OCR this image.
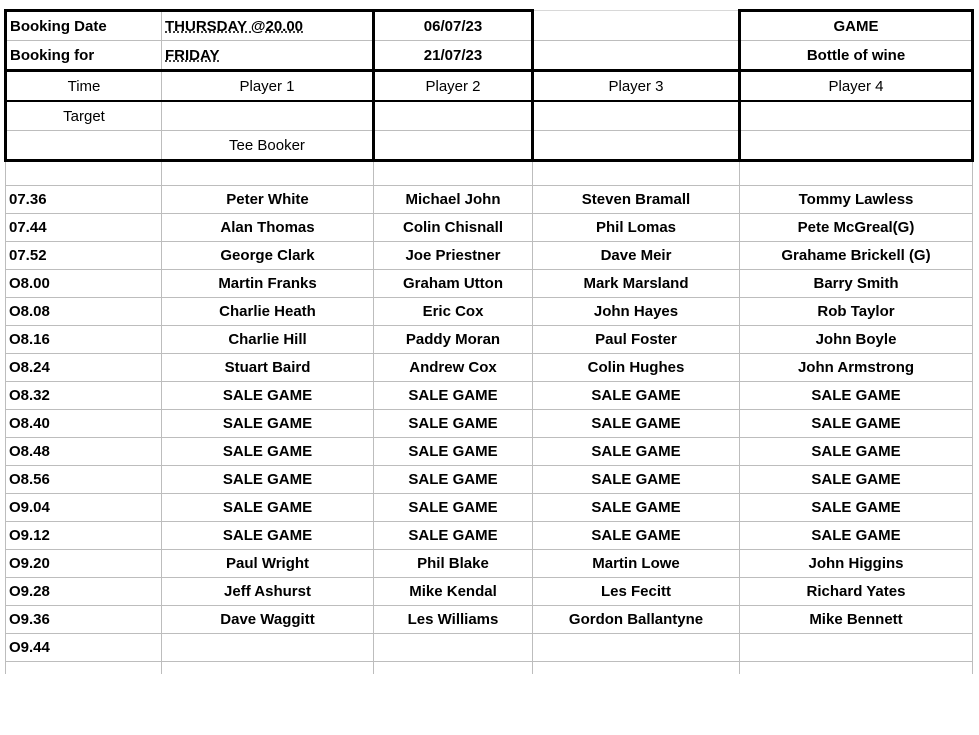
Booking Date	THURSDAY @20.00	06/07/23		GAME
Booking for	FRIDAY	21/07/23		Bottle of wine
Time	Player 1	Player 2	Player 3	Player 4
Target				
	Tee Booker			

07.36	Peter White	Michael John	Steven Bramall	Tommy Lawless
07.44	Alan Thomas	Colin Chisnall	Phil Lomas	Pete McGreal(G)
07.52	George Clark	Joe Priestner	Dave Meir	Grahame Brickell (G)
O8.00	Martin Franks	Graham Utton	Mark Marsland	Barry Smith
O8.08	Charlie Heath	Eric Cox	John Hayes	Rob Taylor
O8.16	Charlie Hill	Paddy Moran	Paul Foster	John Boyle
O8.24	Stuart Baird	Andrew Cox	Colin Hughes	John Armstrong
O8.32	SALE GAME	SALE GAME	SALE GAME	SALE GAME
O8.40	SALE GAME	SALE GAME	SALE GAME	SALE GAME
O8.48	SALE GAME	SALE GAME	SALE GAME	SALE GAME
O8.56	SALE GAME	SALE GAME	SALE GAME	SALE GAME
O9.04	SALE GAME	SALE GAME	SALE GAME	SALE GAME
O9.12	SALE GAME	SALE GAME	SALE GAME	SALE GAME
O9.20	Paul Wright	Phil Blake	Martin Lowe	John Higgins
O9.28	Jeff Ashurst	Mike Kendal	Les Fecitt	Richard Yates
O9.36	Dave Waggitt	Les Williams	Gordon Ballantyne	Mike Bennett
O9.44				
